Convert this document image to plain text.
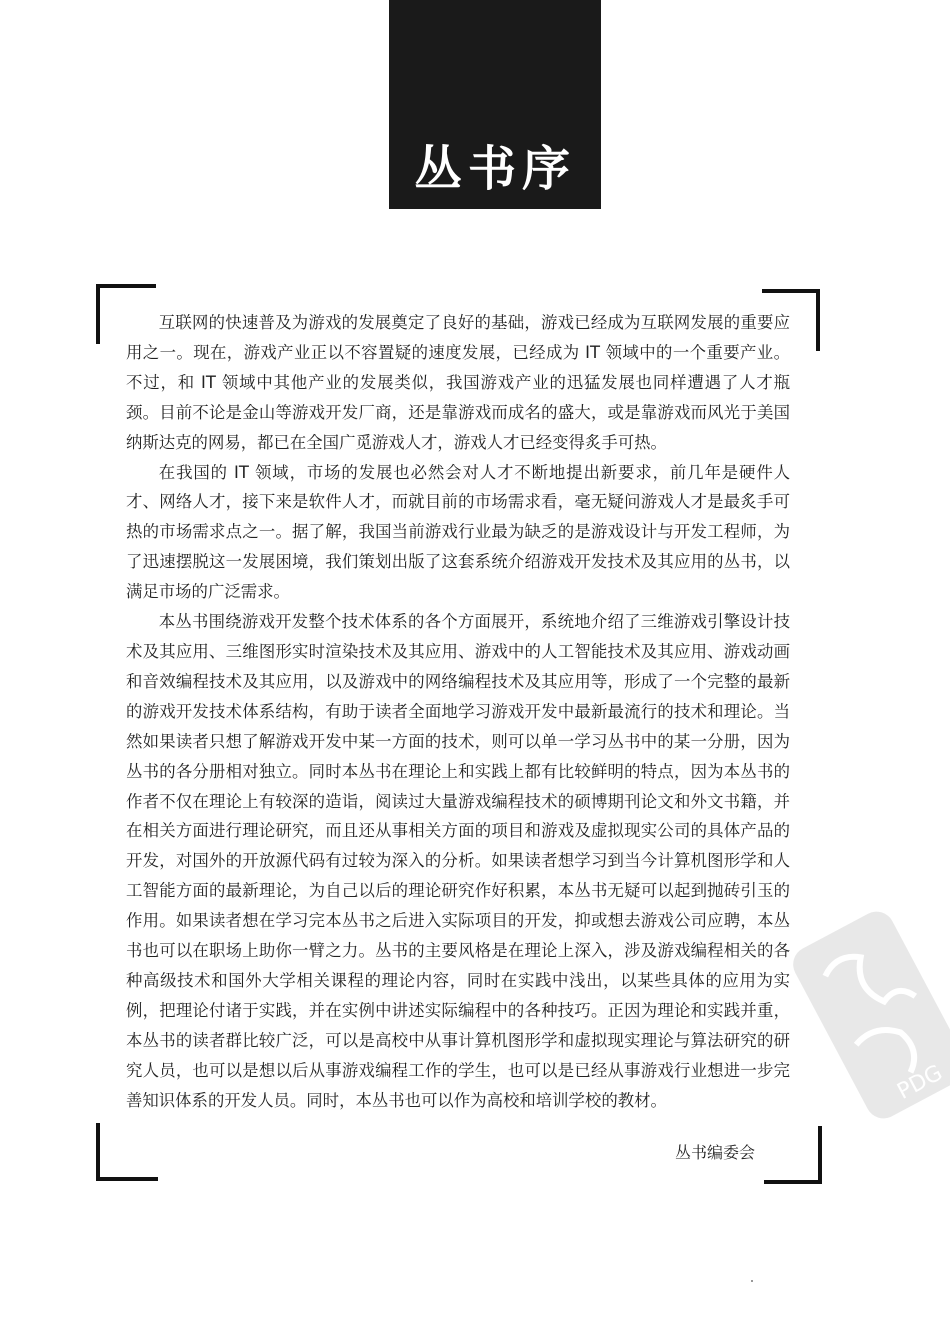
丛书序

互联网的快速普及为游戏的发展奠定了良好的基础，游戏已经成为互联网发展的重要应用之一。现在，游戏产业正以不容置疑的速度发展，已经成为 IT 领域中的一个重要产业。不过，和 IT 领域中其他产业的发展类似，我国游戏产业的迅猛发展也同样遭遇了人才瓶颈。目前不论是金山等游戏开发厂商，还是靠游戏而成名的盛大，或是靠游戏而风光于美国纳斯达克的网易，都已在全国广觅游戏人才，游戏人才已经变得炙手可热。

在我国的 IT 领域，市场的发展也必然会对人才不断地提出新要求，前几年是硬件人才、网络人才，接下来是软件人才，而就目前的市场需求看，毫无疑问游戏人才是最炙手可热的市场需求点之一。据了解，我国当前游戏行业最为缺乏的是游戏设计与开发工程师，为了迅速摆脱这一发展困境，我们策划出版了这套系统介绍游戏开发技术及其应用的丛书，以满足市场的广泛需求。

本丛书围绕游戏开发整个技术体系的各个方面展开，系统地介绍了三维游戏引擎设计技术及其应用、三维图形实时渲染技术及其应用、游戏中的人工智能技术及其应用、游戏动画和音效编程技术及其应用，以及游戏中的网络编程技术及其应用等，形成了一个完整的最新的游戏开发技术体系结构，有助于读者全面地学习游戏开发中最新最流行的技术和理论。当然如果读者只想了解游戏开发中某一方面的技术，则可以单一学习丛书中的某一分册，因为丛书的各分册相对独立。同时本丛书在理论上和实践上都有比较鲜明的特点，因为本丛书的作者不仅在理论上有较深的造诣，阅读过大量游戏编程技术的硕博期刊论文和外文书籍，并在相关方面进行理论研究，而且还从事相关方面的项目和游戏及虚拟现实公司的具体产品的开发，对国外的开放源代码有过较为深入的分析。如果读者想学习到当今计算机图形学和人工智能方面的最新理论，为自己以后的理论研究作好积累，本丛书无疑可以起到抛砖引玉的作用。如果读者想在学习完本丛书之后进入实际项目的开发，抑或想去游戏公司应聘，本丛书也可以在职场上助你一臂之力。丛书的主要风格是在理论上深入，涉及游戏编程相关的各种高级技术和国外大学相关课程的理论内容，同时在实践中浅出，以某些具体的应用为实例，把理论付诸于实践，并在实例中讲述实际编程中的各种技巧。正因为理论和实践并重，本丛书的读者群比较广泛，可以是高校中从事计算机图形学和虚拟现实理论与算法研究的研究人员，也可以是想以后从事游戏编程工作的学生，也可以是已经从事游戏行业想进一步完善知识体系的开发人员。同时，本丛书也可以作为高校和培训学校的教材。

丛书编委会
PDG
